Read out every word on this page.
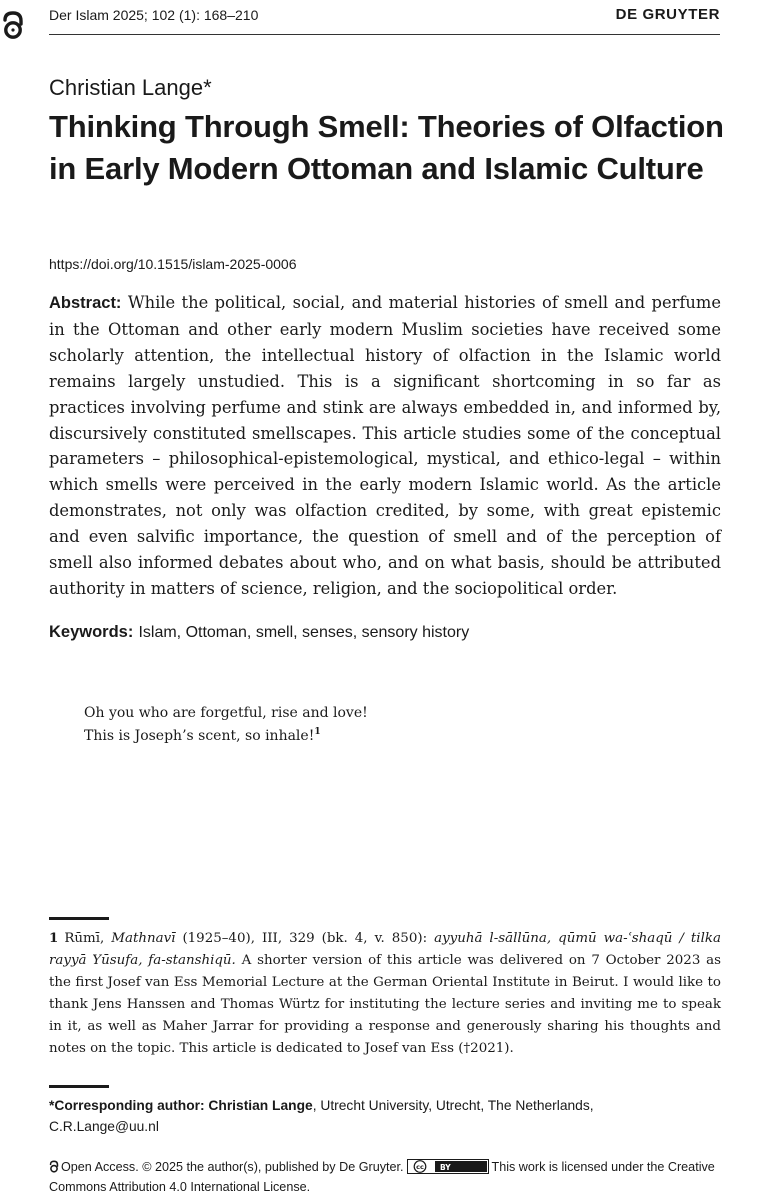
Der Islam 2025; 102 (1): 168–210	DE GRUYTER
Christian Lange*
Thinking Through Smell: Theories of Olfaction in Early Modern Ottoman and Islamic Culture
https://doi.org/10.1515/islam-2025-0006

Abstract: While the political, social, and material histories of smell and perfume in the Ottoman and other early modern Muslim societies have received some scholarly attention, the intellectual history of olfaction in the Islamic world remains largely unstudied. This is a significant shortcoming in so far as practices involving perfume and stink are always embedded in, and informed by, discursively constituted smellscapes. This article studies some of the conceptual parameters – philosophical-epistemological, mystical, and ethico-legal – within which smells were perceived in the early modern Islamic world. As the article demonstrates, not only was olfaction credited, by some, with great epistemic and even salvific importance, the question of smell and of the perception of smell also informed debates about who, and on what basis, should be attributed authority in matters of science, religion, and the sociopolitical order.

Keywords: Islam, Ottoman, smell, senses, sensory history

Oh you who are forgetful, rise and love!
This is Joseph’s scent, so inhale!$^1$

1 Rūmī, Mathnavī (1925–40), III, 329 (bk. 4, v. 850): ayyuhā l-sāllūna, qūmū wa-ʿshaqū / tilka rayyā Yūsufa, fa-stanshiqū. A shorter version of this article was delivered on 7 October 2023 as the first Josef van Ess Memorial Lecture at the German Oriental Institute in Beirut. I would like to thank Jens Hanssen and Thomas Würtz for instituting the lecture series and inviting me to speak in it, as well as Maher Jarrar for providing a response and generously sharing his thoughts and notes on the topic. This article is dedicated to Josef van Ess (†2021).

*Corresponding author: Christian Lange, Utrecht University, Utrecht, The Netherlands,
C.R.Lange@uu.nl

Open Access. © 2025 the author(s), published by De Gruyter. cc BY	This work is licensed under the Creative Commons Attribution 4.0 International License.
